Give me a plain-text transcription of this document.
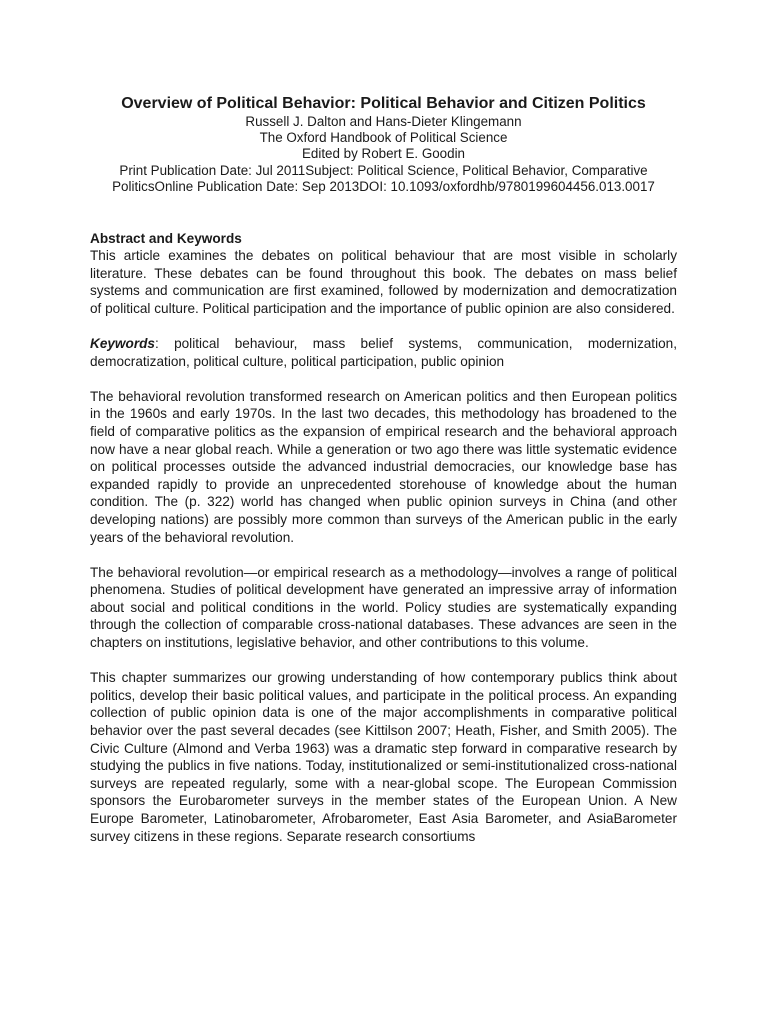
Overview of Political Behavior: Political Behavior and Citizen Politics
Russell J. Dalton and Hans-Dieter Klingemann
The Oxford Handbook of Political Science
Edited by Robert E. Goodin
Print Publication Date: Jul 2011Subject: Political Science, Political Behavior, Comparative
PoliticsOnline Publication Date: Sep 2013DOI: 10.1093/oxfordhb/9780199604456.013.0017
Abstract and Keywords

This article examines the debates on political behaviour that are most visible in scholarly literature. These debates can be found throughout this book. The debates on mass belief systems and communication are first examined, followed by modernization and democratization of political culture. Political participation and the importance of public opinion are also considered.

Keywords: political behaviour, mass belief systems, communication, modernization, democratization, political culture, political participation, public opinion

The behavioral revolution transformed research on American politics and then European politics in the 1960s and early 1970s. In the last two decades, this methodology has broadened to the field of comparative politics as the expansion of empirical research and the behavioral approach now have a near global reach. While a generation or two ago there was little systematic evidence on political processes outside the advanced industrial democracies, our knowledge base has expanded rapidly to provide an unprecedented storehouse of knowledge about the human condition. The (p. 322) world has changed when public opinion surveys in China (and other developing nations) are possibly more common than surveys of the American public in the early years of the behavioral revolution.

The behavioral revolution—or empirical research as a methodology—involves a range of political phenomena. Studies of political development have generated an impressive array of information about social and political conditions in the world. Policy studies are systematically expanding through the collection of comparable cross-national databases. These advances are seen in the chapters on institutions, legislative behavior, and other contributions to this volume.

This chapter summarizes our growing understanding of how contemporary publics think about politics, develop their basic political values, and participate in the political process. An expanding collection of public opinion data is one of the major accomplishments in comparative political behavior over the past several decades (see Kittilson 2007; Heath, Fisher, and Smith 2005). The Civic Culture (Almond and Verba 1963) was a dramatic step forward in comparative research by studying the publics in five nations. Today, institutionalized or semi-institutionalized cross-national surveys are repeated regularly, some with a near-global scope. The European Commission sponsors the Eurobarometer surveys in the member states of the European Union. A New Europe Barometer, Latinobarometer, Afrobarometer, East Asia Barometer, and AsiaBarometer survey citizens in these regions. Separate research consortiums
